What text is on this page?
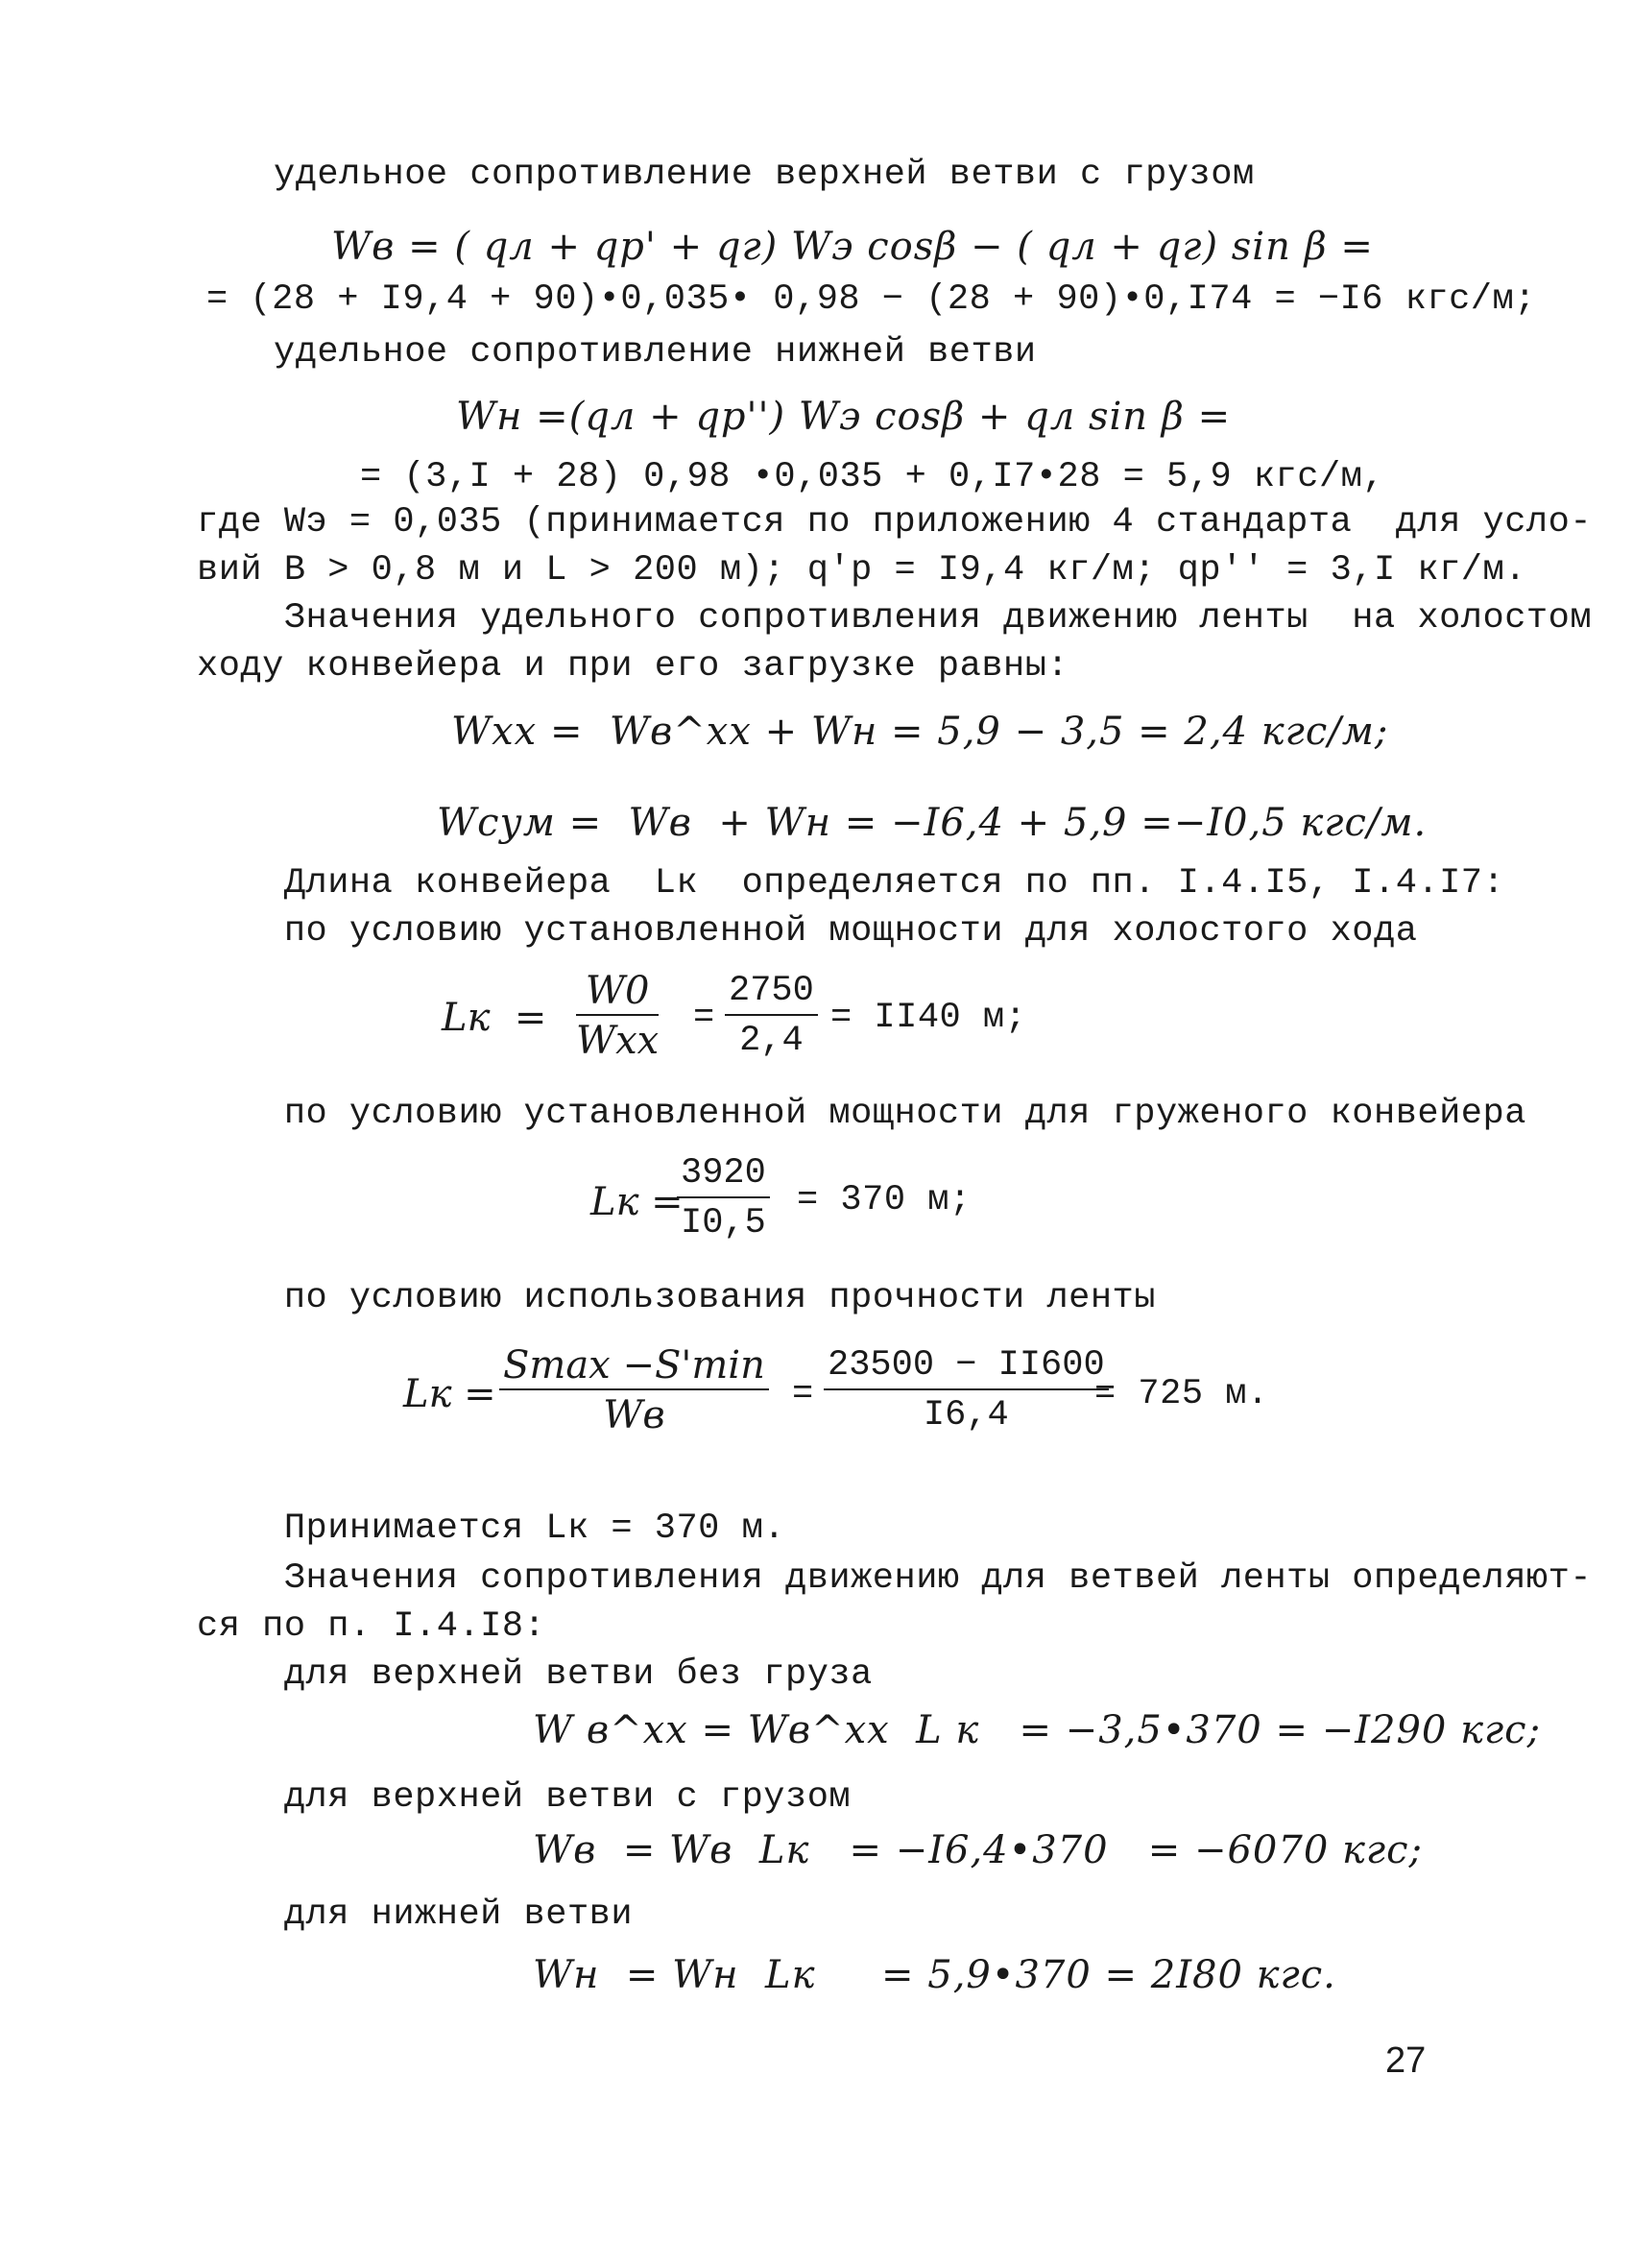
удельное сопротивление верхней ветви с грузом
Wв = ( qл + qр' + qг) Wэ cosβ − ( qл + qг) sin β =
= (28 + I9,4 + 90)•0,035• 0,98 − (28 + 90)•0,I74 = −I6 кгс/м;
удельное сопротивление нижней ветви
Wн =(qл + qр'') Wэ cosβ + qл sin β =
= (3,I + 28) 0,98 •0,035 + 0,I7•28 = 5,9 кгс/м,
где Wэ = 0,035 (принимается по приложению 4 стандарта  для усло-
вий B > 0,8 м и L > 200 м); q'р = I9,4 кг/м; qр'' = 3,I кг/м.
Значения удельного сопротивления движению ленты  на холостом
ходу конвейера и при его загрузке равны:
Wхх =  Wв^xx + Wн = 5,9 − 3,5 = 2,4 кгс/м;
Wсум =  Wв  + Wн = −I6,4 + 5,9 =−I0,5 кгс/м.
Длина конвейера  Lк  определяется по пп. I.4.I5, I.4.I7:
по условию установленной мощности для холостого хода
Lк  =
W0
Wхх
= $\frac{2750}{2,4} = II40$ м;
по условию установленной мощности для груженого конвейера
Lк =
$\frac{3920}{I0,5} = 370$ м;
по условию использования прочности ленты
Lк =
Smax −S'min
Wв	= $\frac{23500 - II600}{I6,4}$
= 725 м.
Принимается Lк = 370 м.
Значения сопротивления движению для ветвей ленты определяют-
ся по п. I.4.I8:
для верхней ветви без груза
W в^xx = Wв^xx  L к   = −3,5•370 = −I290 кгс;
для верхней ветви с грузом
Wв  = Wв  Lк   = −I6,4•370   = −6070 кгс;
для нижней ветви
Wн  = Wн  Lк     = 5,9•370 = 2I80 кгс.
27
